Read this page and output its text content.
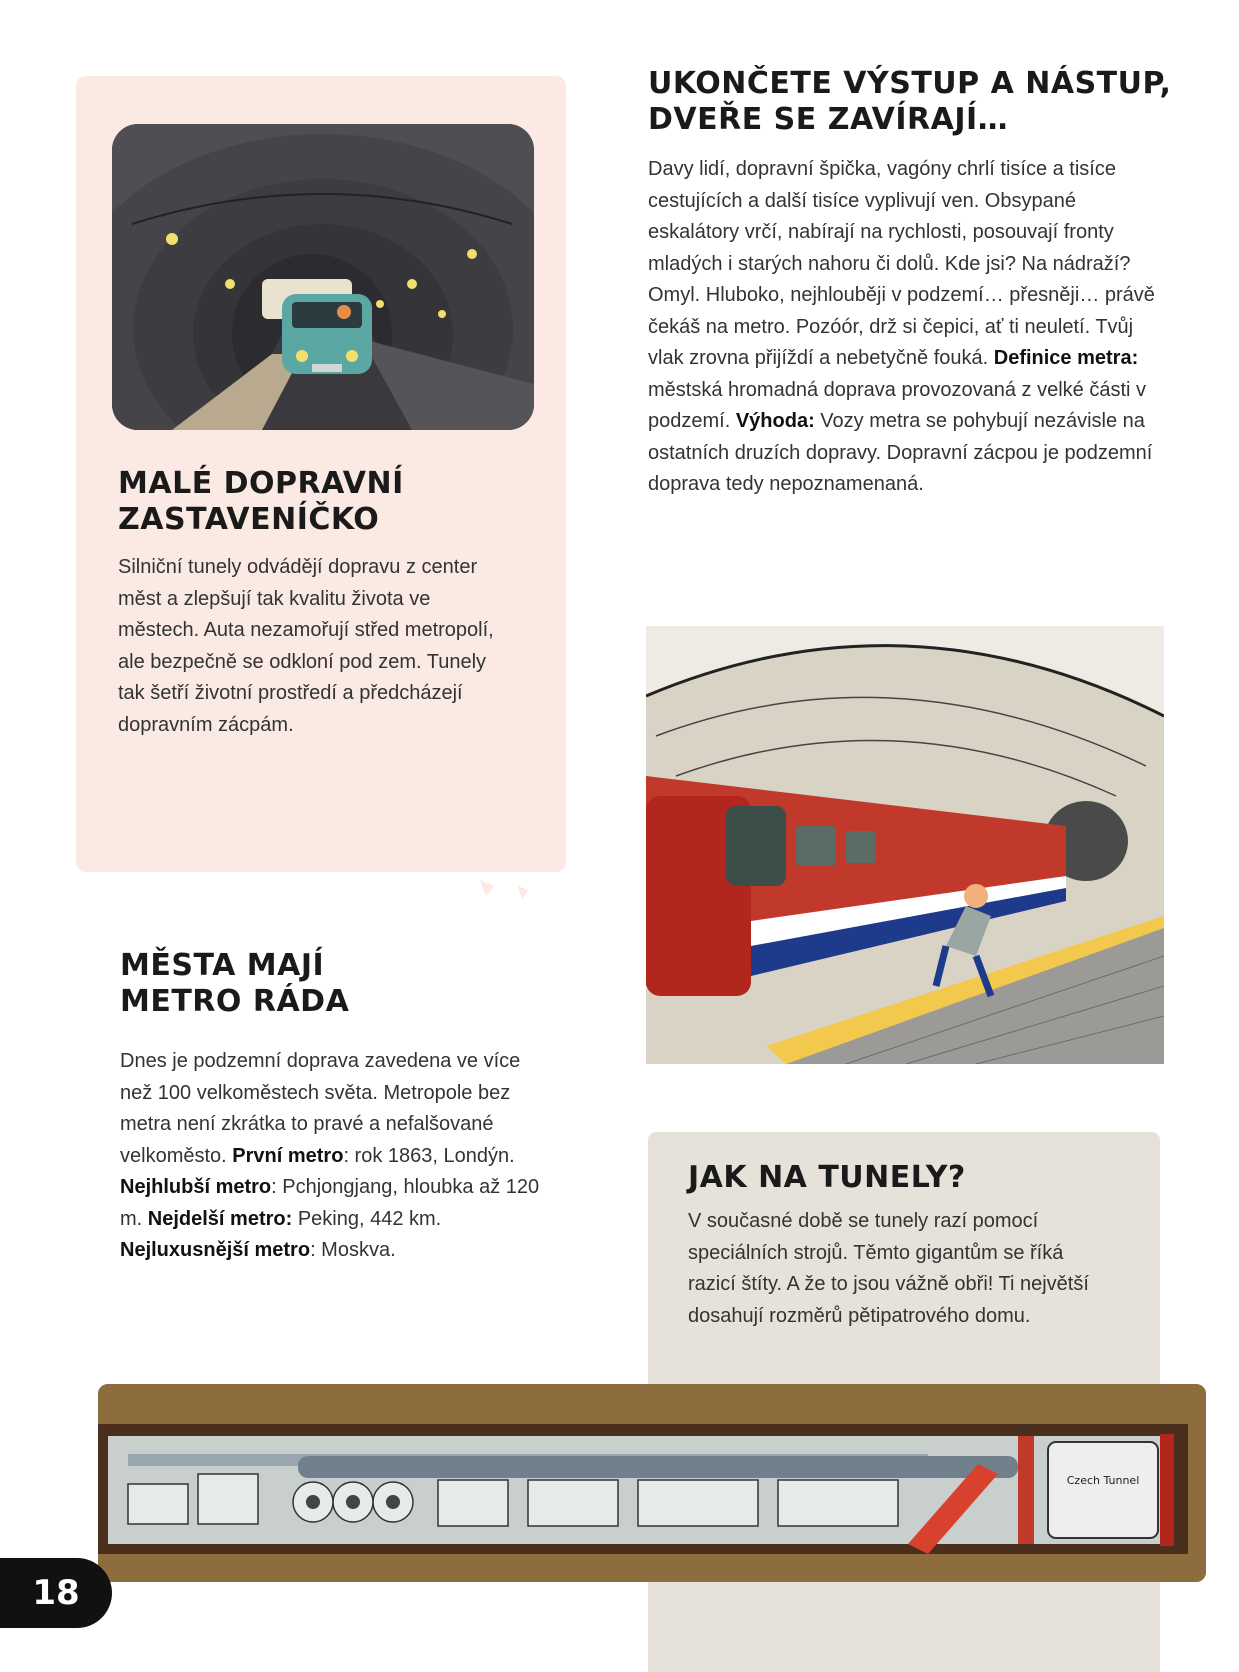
UKONČETE VÝSTUP A NÁSTUP,
DVEŘE SE ZAVÍRAJÍ…

Davy lidí, dopravní špička, vagóny chrlí tisíce a tisíce cestujících a další tisíce vyplivují ven. Obsypané eskalátory vrčí, nabírají na rychlosti, posouvají fronty mladých i starých nahoru či dolů. Kde jsi? Na nádraží? Omyl. Hluboko, nejhlouběji v podzemí… přesněji… právě čekáš na metro. Pozóór, drž si čepici, ať ti neuletí. Tvůj vlak zrovna přijíždí a nebetyčně fouká. Definice metra: městská hromadná doprava provozovaná z velké části v podzemí. Výhoda: Vozy metra se pohybují nezávisle na ostatních druzích dopravy. Dopravní zácpou je podzemní doprava tedy nepoznamenaná.

MALÉ DOPRAVNÍ
ZASTAVENÍČKO

Silniční tunely odvádějí dopravu z center měst a zlepšují tak kvalitu života ve městech. Auta nezamořují střed metropolí, ale bezpečně se odkloní pod zem. Tunely tak šetří životní prostředí a předcházejí dopravním zácpám.

MĚSTA MAJÍ
METRO RÁDA

Dnes je podzemní doprava zavedena ve více než 100 velkoměstech světa. Metropole bez metra není zkrátka to pravé a nefalšované velkoměsto. První metro: rok 1863, Londýn.
Nejhlubší metro: Pchjongjang, hloubka až 120 m. Nejdelší metro: Peking, 442 km.
Nejluxusnější metro: Moskva.

JAK NA TUNELY?

V současné době se tunely razí pomocí speciálních strojů. Těmto gigantům se říká razicí štíty. A že to jsou vážně obři! Ti největší dosahují rozměrů pětipatrového domu.

Czech Tunnel
18
